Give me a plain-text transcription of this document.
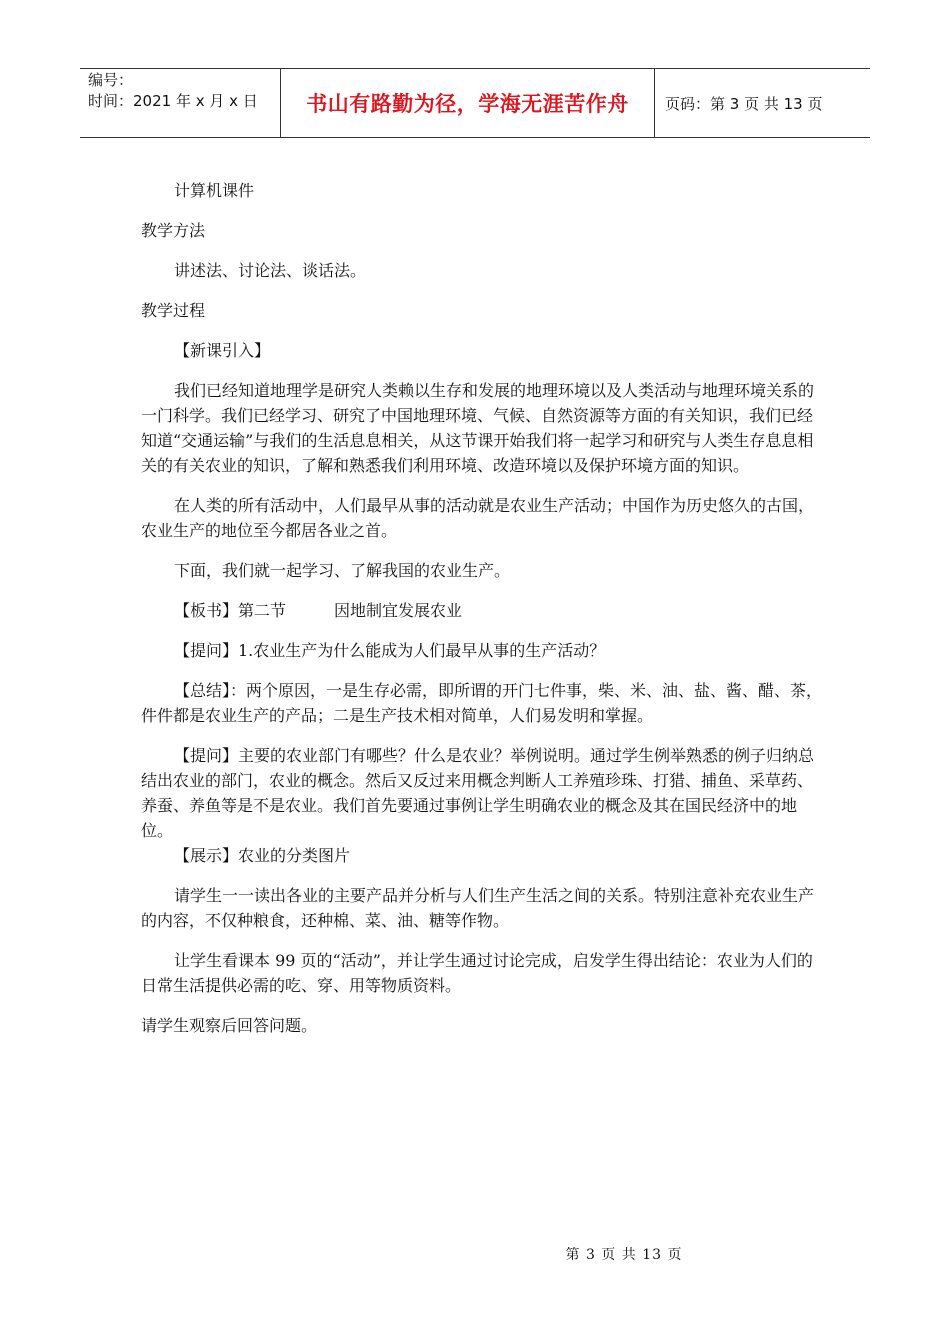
编号：
时间：2021 年 x 月 x 日	书山有路勤为径，学海无涯苦作舟	页码：第 3 页 共 13 页

计算机课件

教学方法

讲述法、讨论法、谈话法。

教学过程

【新课引入】

我们已经知道地理学是研究人类赖以生存和发展的地理环境以及人类活动与地理环境关系的一门科学。我们已经学习、研究了中国地理环境、气候、自然资源等方面的有关知识，我们已经知道“交通运输”与我们的生活息息相关，从这节课开始我们将一起学习和研究与人类生存息息相关的有关农业的知识，了解和熟悉我们利用环境、改造环境以及保护环境方面的知识。

在人类的所有活动中，人们最早从事的活动就是农业生产活动；中国作为历史悠久的古国，农业生产的地位至今都居各业之首。

下面，我们就一起学习、了解我国的农业生产。

【板书】第二节　　　因地制宜发展农业

【提问】1.农业生产为什么能成为人们最早从事的生产活动？

【总结】：两个原因，一是生存必需，即所谓的开门七件事，柴、米、油、盐、酱、醋、茶，件件都是农业生产的产品；二是生产技术相对简单，人们易发明和掌握。

【提问】主要的农业部门有哪些？什么是农业？举例说明。通过学生例举熟悉的例子归纳总结出农业的部门，农业的概念。然后又反过来用概念判断人工养殖珍珠、打猎、捕鱼、采草药、养蚕、养鱼等是不是农业。我们首先要通过事例让学生明确农业的概念及其在国民经济中的地位。

【展示】农业的分类图片

请学生一一读出各业的主要产品并分析与人们生产生活之间的关系。特别注意补充农业生产的内容，不仅种粮食，还种棉、菜、油、糖等作物。

让学生看课本 99 页的“活动”，并让学生通过讨论完成，启发学生得出结论：农业为人们的日常生活提供必需的吃、穿、用等物质资料。

请学生观察后回答问题。

第 3 页 共 13 页
